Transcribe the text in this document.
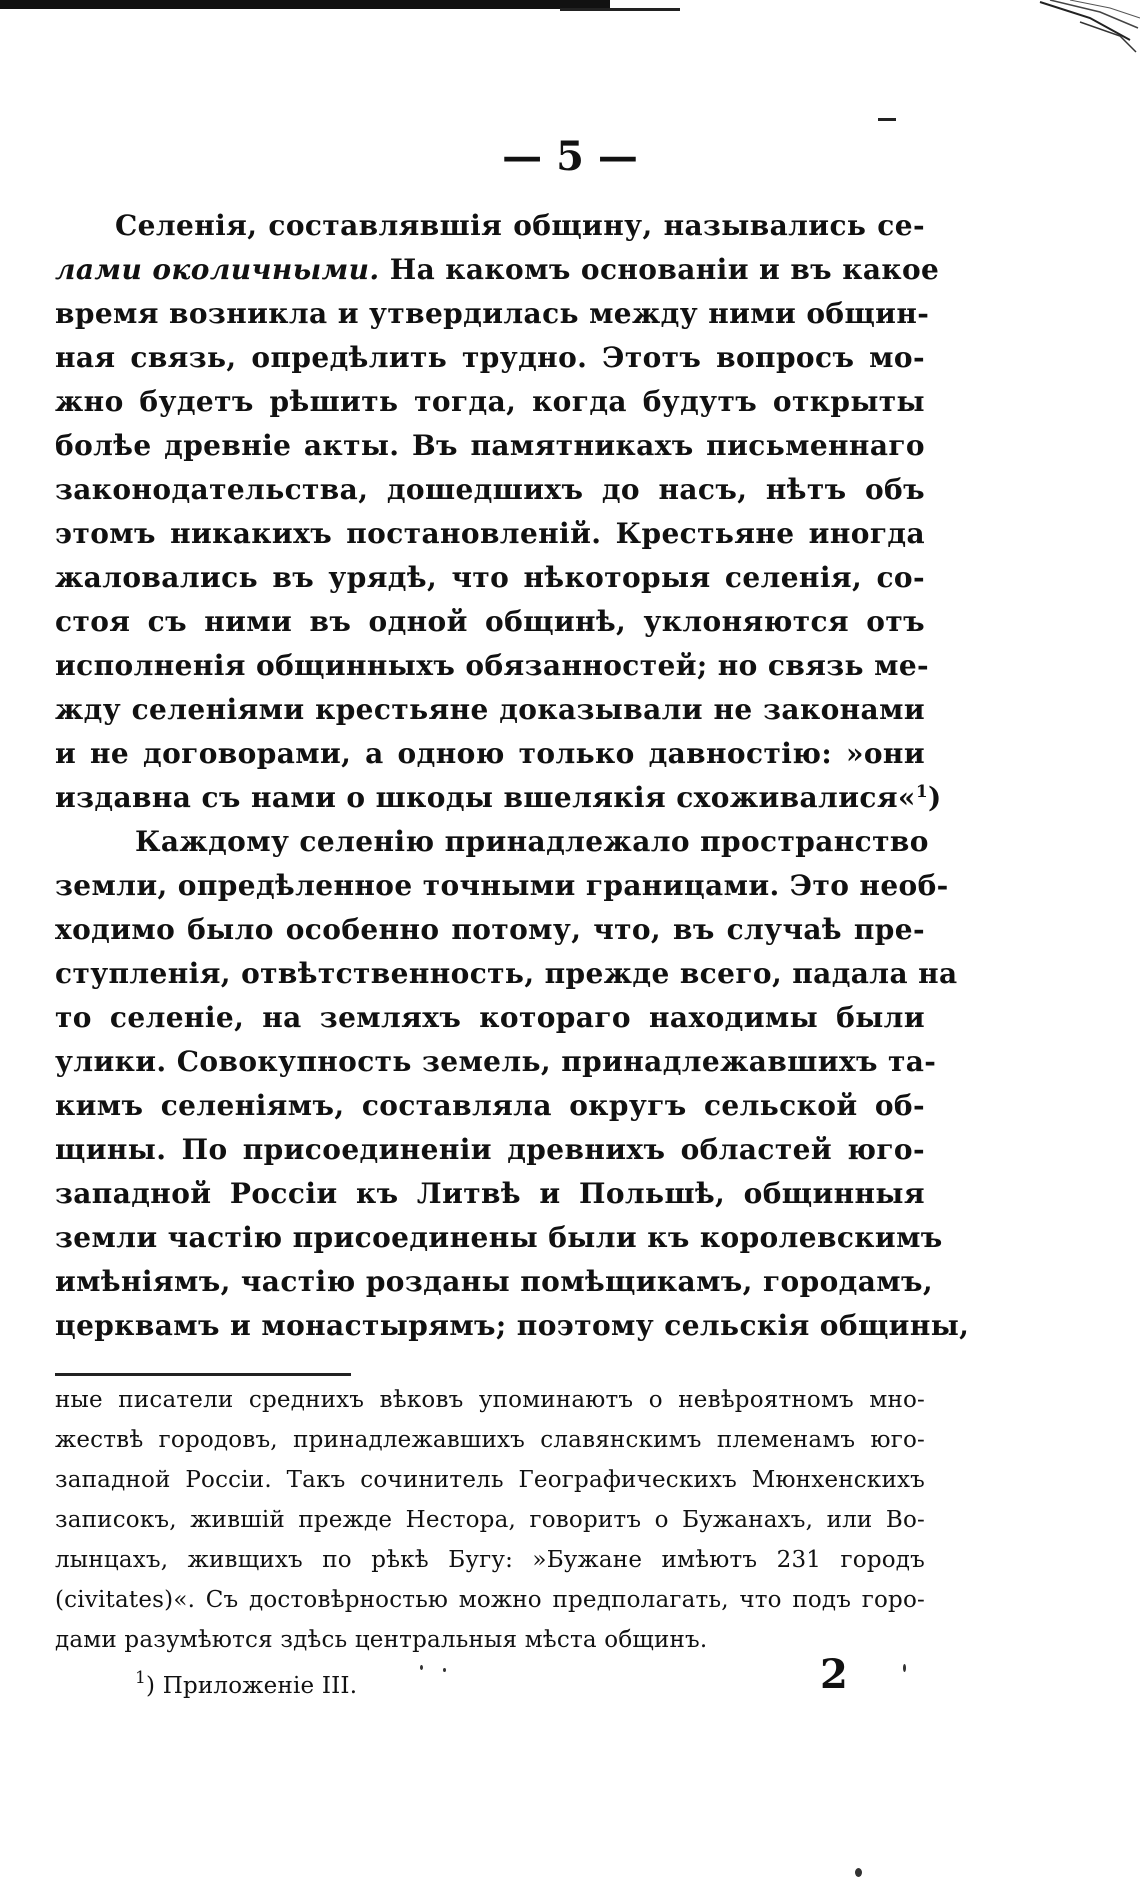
— 5 —
Селенія, составлявшія общину, назывались се-
лами околичными. На какомъ основаніи и въ какое
время возникла и утвердилась между ними общин-
ная связь, опредѣлить трудно. Этотъ вопросъ мо-
жно будетъ рѣшить тогда, когда будутъ открыты
болѣе древніе акты. Въ памятникахъ письменнаго
законодательства, дошедшихъ до насъ, нѣтъ объ
этомъ никакихъ постановленій. Крестьяне иногда
жаловались въ урядѣ, что нѣкоторыя селенія, со-
стоя съ ними въ одной общинѣ, уклоняются отъ
исполненія общинныхъ обязанностей; но связь ме-
жду селеніями крестьяне доказывали не законами
и не договорами, а одною только давностію: »они
издавна съ нами о шкоды вшелякія схоживалися«$^1$)
Каждому селенію принадлежало пространство
земли, опредѣленное точными границами. Это необ-
ходимо было особенно потому, что, въ случаѣ пре-
ступленія, отвѣтственность, прежде всего, падала на
то селеніе, на земляхъ котораго находимы были
улики. Совокупность земель, принадлежавшихъ та-
кимъ селеніямъ, составляла округъ сельской об-
щины. По присоединеніи древнихъ областей юго-
западной Россіи къ Литвѣ и Польшѣ, общинныя
земли частію присоединены были къ королевскимъ
имѣніямъ, частію розданы помѣщикамъ, городамъ,
церквамъ и монастырямъ; поэтому сельскія общины,
ные писатели среднихъ вѣковъ упоминаютъ о невѣроятномъ мно-
жествѣ городовъ, принадлежавшихъ славянскимъ племенамъ юго-
западной Россіи. Такъ сочинитель Географическихъ Мюнхенскихъ
записокъ, жившій прежде Нестора, говоритъ о Бужанахъ, или Во-
лынцахъ, живщихъ по рѣкѣ Бугу: »Бужане имѣютъ 231 городъ
(civitates)«. Съ достовѣрностью можно предполагать, что подъ горо-
дами разумѣются здѣсь центральныя мѣста общинъ.
$^1$) Приложеніе III.	2
